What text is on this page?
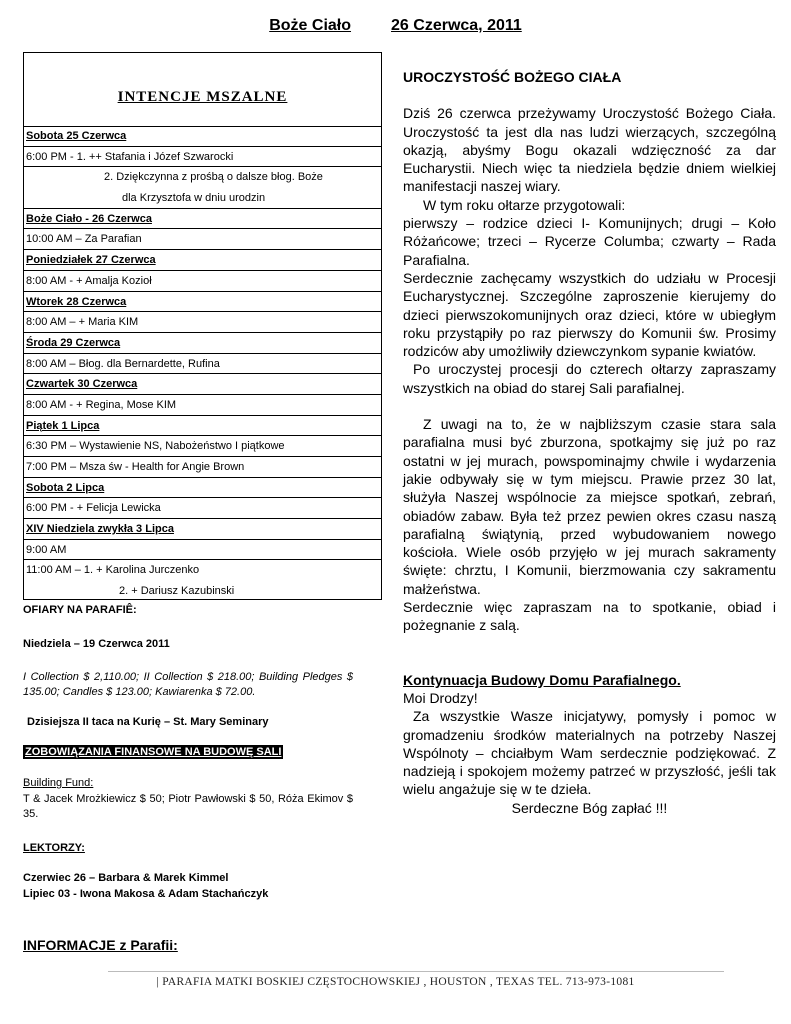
Boże Ciało	26 Czerwca, 2011
INTENCJE MSZALNE
Sobota 25 Czerwca
6:00 PM - 1. ++ Stafania i Józef Szwarocki
2. Dziękczynna z prośbą o dalsze błog. Boże
dla Krzysztofa w dniu urodzin
Boże Ciało - 26 Czerwca
10:00 AM – Za Parafian
Poniedziałek 27 Czerwca
8:00 AM - + Amalja Kozioł
Wtorek 28 Czerwca
8:00 AM – + Maria KIM
Środa 29 Czerwca
8:00 AM – Błog. dla Bernardette, Rufina
Czwartek 30 Czerwca
8:00 AM - + Regina, Mose KIM
Piątek 1 Lipca
6:30 PM – Wystawienie NS, Nabożeństwo I piątkowe
7:00 PM – Msza św - Health for Angie Brown
Sobota 2 Lipca
6:00 PM - + Felicja Lewicka
XIV Niedziela zwykła 3 Lipca
9:00 AM
11:00 AM – 1. + Karolina Jurczenko
2. + Dariusz Kazubinski
OFIARY NA PARAFIÊ:
Niedziela – 19 Czerwca 2011
I Collection $ 2,110.00; II Collection $ 218.00; Building Pledges $ 135.00; Candles $ 123.00; Kawiarenka $ 72.00.
Dzisiejsza II taca na Kurię – St. Mary Seminary
ZOBOWIĄZANIA FINANSOWE NA BUDOWĘ SALI
Building Fund:
T & Jacek Mrożkiewicz $ 50; Piotr Pawłowski $ 50, Róża Ekimov $ 35.
LEKTORZY:
Czerwiec 26 – Barbara & Marek Kimmel
Lipiec 03 - Iwona Makosa & Adam Stachańczyk
INFORMACJE z Parafii:
UROCZYSTOŚĆ BOŻEGO CIAŁA

Dziś 26 czerwca przeżywamy Uroczystość Bożego Ciała. Uroczystość ta jest dla nas ludzi wierzących, szczególną okazją, abyśmy Bogu okazali wdzięczność za dar Eucharystii. Niech więc ta niedziela będzie dniem wielkiej manifestacji naszej wiary.

W tym roku ołtarze przygotowali:

pierwszy – rodzice dzieci I- Komunijnych; drugi – Koło Różańcowe; trzeci – Rycerze Columba; czwarty – Rada Parafialna.

Serdecznie zachęcamy wszystkich do udziału w Procesji Eucharystycznej. Szczególne zaproszenie kierujemy do dzieci pierwszokomunijnych oraz dzieci, które w ubiegłym roku przystąpiły po raz pierwszy do Komunii św. Prosimy rodziców aby umożliwiły dziewczynkom sypanie kwiatów.

Po uroczystej procesji do czterech ołtarzy zapraszamy wszystkich na obiad do starej Sali parafialnej.

Z uwagi na to, że w najbliższym czasie stara sala parafialna musi być zburzona, spotkajmy się już po raz ostatni w jej murach, powspominajmy chwile i wydarzenia jakie odbywały się w tym miejscu. Prawie przez 30 lat, służyła Naszej wspólnocie za miejsce spotkań, zebrań, obiadów zabaw. Była też przez pewien okres czasu naszą parafialną świątynią, przed wybudowaniem nowego kościoła. Wiele osób przyjęło w jej murach sakramenty święte: chrztu, I Komunii, bierzmowania czy sakramentu małżeństwa.

Serdecznie więc zapraszam na to spotkanie, obiad i pożegnanie z salą.

Kontynuacja Budowy Domu Parafialnego.
Moi Drodzy!

Za wszystkie Wasze inicjatywy, pomysły i pomoc w gromadzeniu środków materialnych na potrzeby Naszej Wspólnoty – chciałbym Wam serdecznie podziękować. Z nadzieją i spokojem możemy patrzeć w przyszłość, jeśli tak wielu angażuje się w te dzieła.

Serdeczne Bóg zapłać !!!
| PARAFIA MATKI BOSKIEJ CZĘSTOCHOWSKIEJ , HOUSTON , TEXAS TEL. 713-973-1081
